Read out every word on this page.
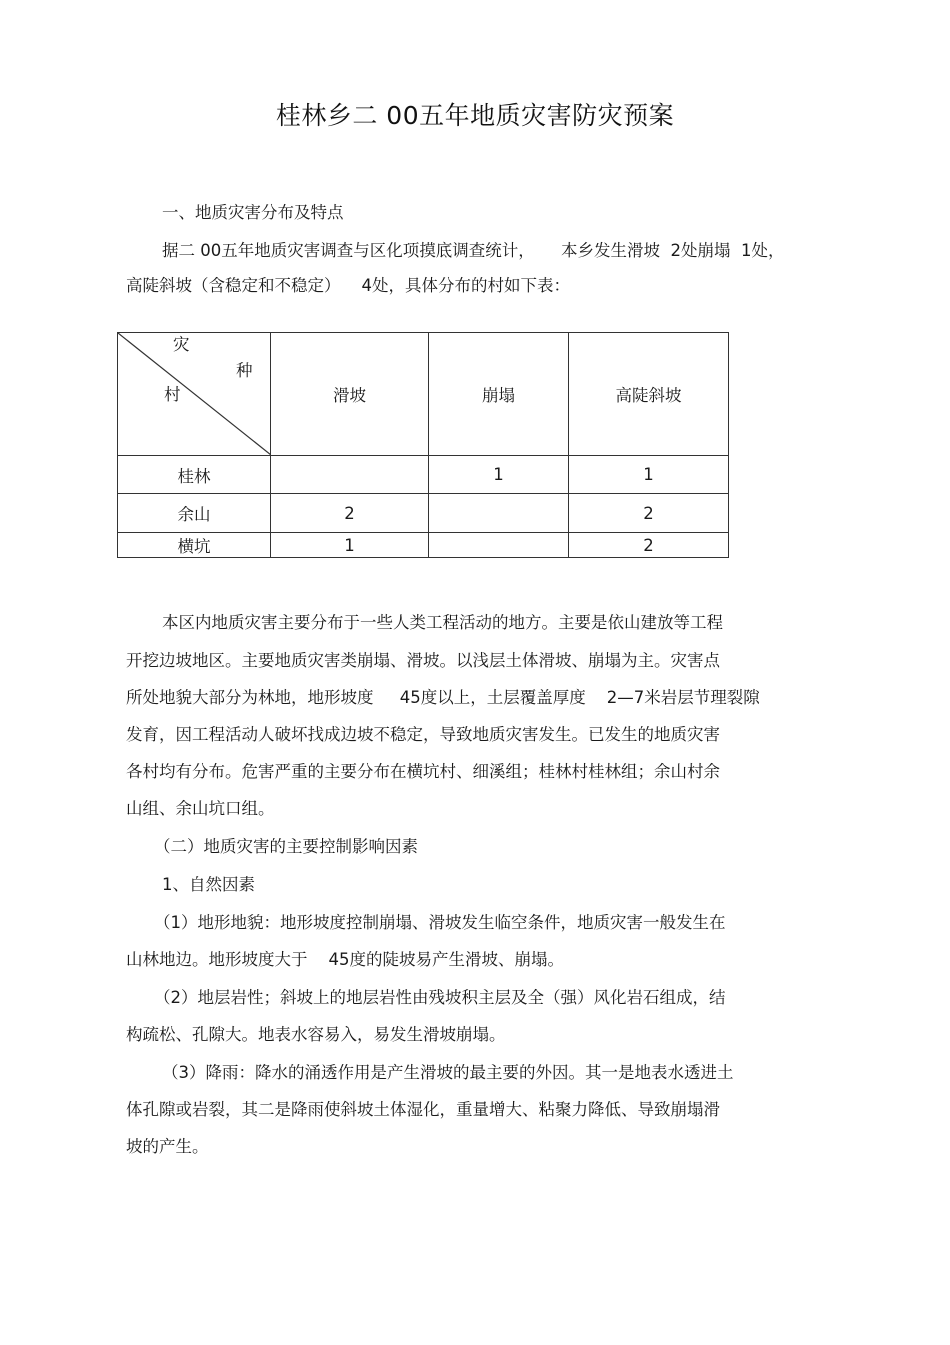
桂林乡二 00五年地质灾害防灾预案
一、地质灾害分布及特点
据二 00五年地质灾害调查与区化项摸底调查统计，     本乡发生滑坡  2处崩塌  1处，
高陡斜坡（含稳定和不稳定）    4处，具体分布的村如下表：
灾
种
村	滑坡	崩塌	高陡斜坡
桂林		1	1
余山	2		2
横坑	1		2
本区内地质灾害主要分布于一些人类工程活动的地方。主要是依山建放等工程
开挖边坡地区。主要地质灾害类崩塌、滑坡。以浅层土体滑坡、崩塌为主。灾害点
所处地貌大部分为林地，地形坡度     45度以上，土层覆盖厚度    2—7米岩层节理裂隙
发育，因工程活动人破坏找成边坡不稳定，导致地质灾害发生。已发生的地质灾害
各村均有分布。危害严重的主要分布在横坑村、细溪组；桂林村桂林组；余山村余
山组、余山坑口组。
（二）地质灾害的主要控制影响因素
1、自然因素
（1）地形地貌：地形坡度控制崩塌、滑坡发生临空条件，地质灾害一般发生在
山林地边。地形坡度大于    45度的陡坡易产生滑坡、崩塌。
（2）地层岩性；斜坡上的地层岩性由残坡积主层及全（强）风化岩石组成，结
构疏松、孔隙大。地表水容易入，易发生滑坡崩塌。
（3）降雨：降水的涌透作用是产生滑坡的最主要的外因。其一是地表水透进土
体孔隙或岩裂，其二是降雨使斜坡土体湿化，重量增大、粘聚力降低、导致崩塌滑
坡的产生。
